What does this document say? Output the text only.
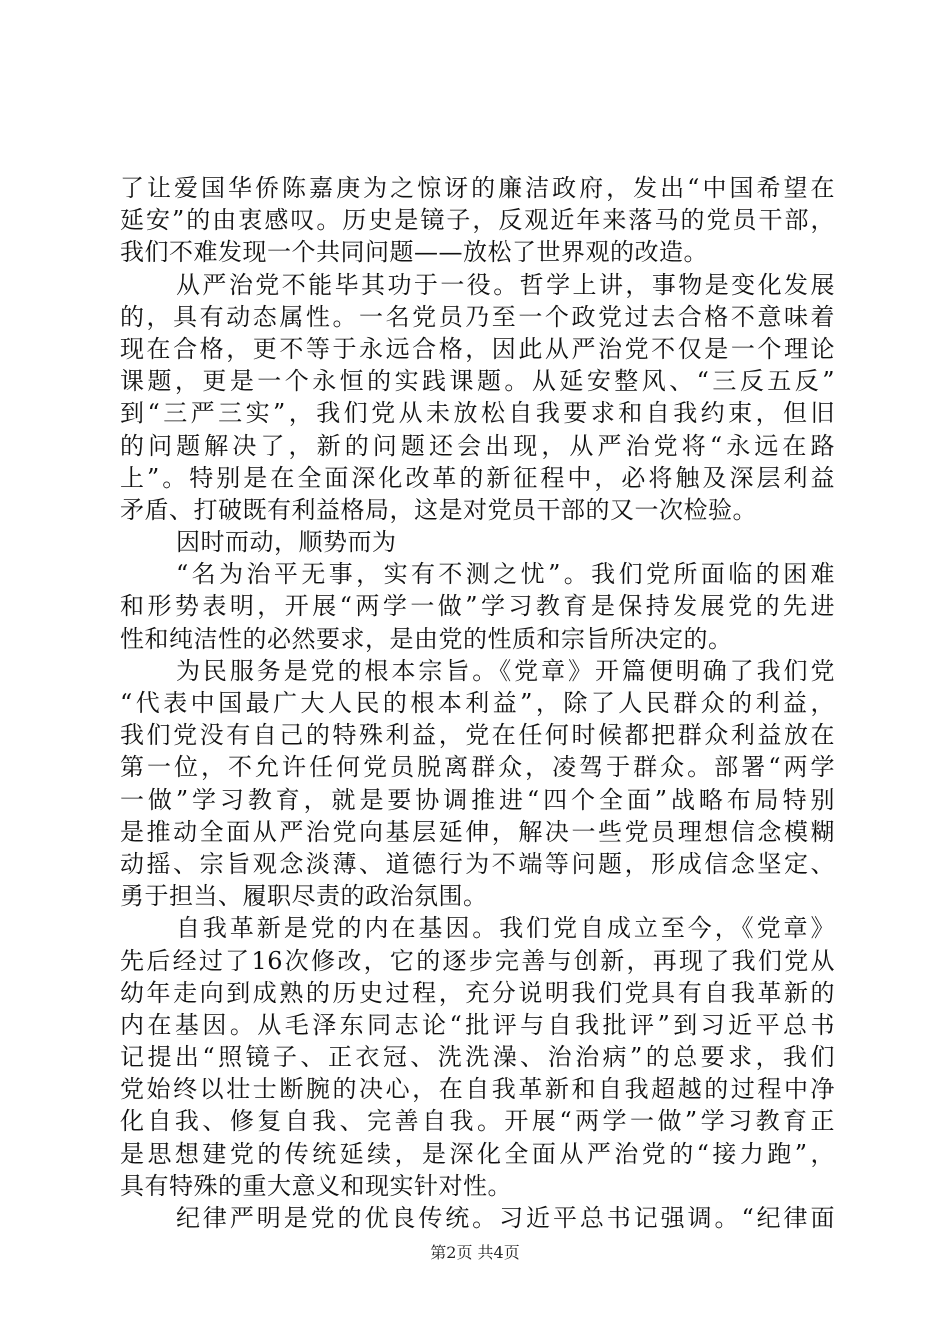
了让爱国华侨陈嘉庚为之惊讶的廉洁政府，发出“中国希望在
延安”的由衷感叹。历史是镜子，反观近年来落马的党员干部，
我们不难发现一个共同问题——放松了世界观的改造。
从严治党不能毕其功于一役。哲学上讲，事物是变化发展
的，具有动态属性。一名党员乃至一个政党过去合格不意味着
现在合格，更不等于永远合格，因此从严治党不仅是一个理论
课题，更是一个永恒的实践课题。从延安整风、“三反五反”
到“三严三实”，我们党从未放松自我要求和自我约束，但旧
的问题解决了，新的问题还会出现，从严治党将“永远在路
上”。特别是在全面深化改革的新征程中，必将触及深层利益
矛盾、打破既有利益格局，这是对党员干部的又一次检验。
因时而动，顺势而为
“名为治平无事，实有不测之忧”。我们党所面临的困难
和形势表明，开展“两学一做”学习教育是保持发展党的先进
性和纯洁性的必然要求，是由党的性质和宗旨所决定的。
为民服务是党的根本宗旨。《党章》开篇便明确了我们党
“代表中国最广大人民的根本利益”，除了人民群众的利益，
我们党没有自己的特殊利益，党在任何时候都把群众利益放在
第一位，不允许任何党员脱离群众，凌驾于群众。部署“两学
一做”学习教育，就是要协调推进“四个全面”战略布局特别
是推动全面从严治党向基层延伸，解决一些党员理想信念模糊
动摇、宗旨观念淡薄、道德行为不端等问题，形成信念坚定、
勇于担当、履职尽责的政治氛围。
自我革新是党的内在基因。我们党自成立至今，《党章》
先后经过了16次修改，它的逐步完善与创新，再现了我们党从
幼年走向到成熟的历史过程，充分说明我们党具有自我革新的
内在基因。从毛泽东同志论“批评与自我批评”到习近平总书
记提出“照镜子、正衣冠、洗洗澡、治治病”的总要求，我们
党始终以壮士断腕的决心，在自我革新和自我超越的过程中净
化自我、修复自我、完善自我。开展“两学一做”学习教育正
是思想建党的传统延续，是深化全面从严治党的“接力跑”，
具有特殊的重大意义和现实针对性。
纪律严明是党的优良传统。习近平总书记强调。“纪律面
第2页 共4页
